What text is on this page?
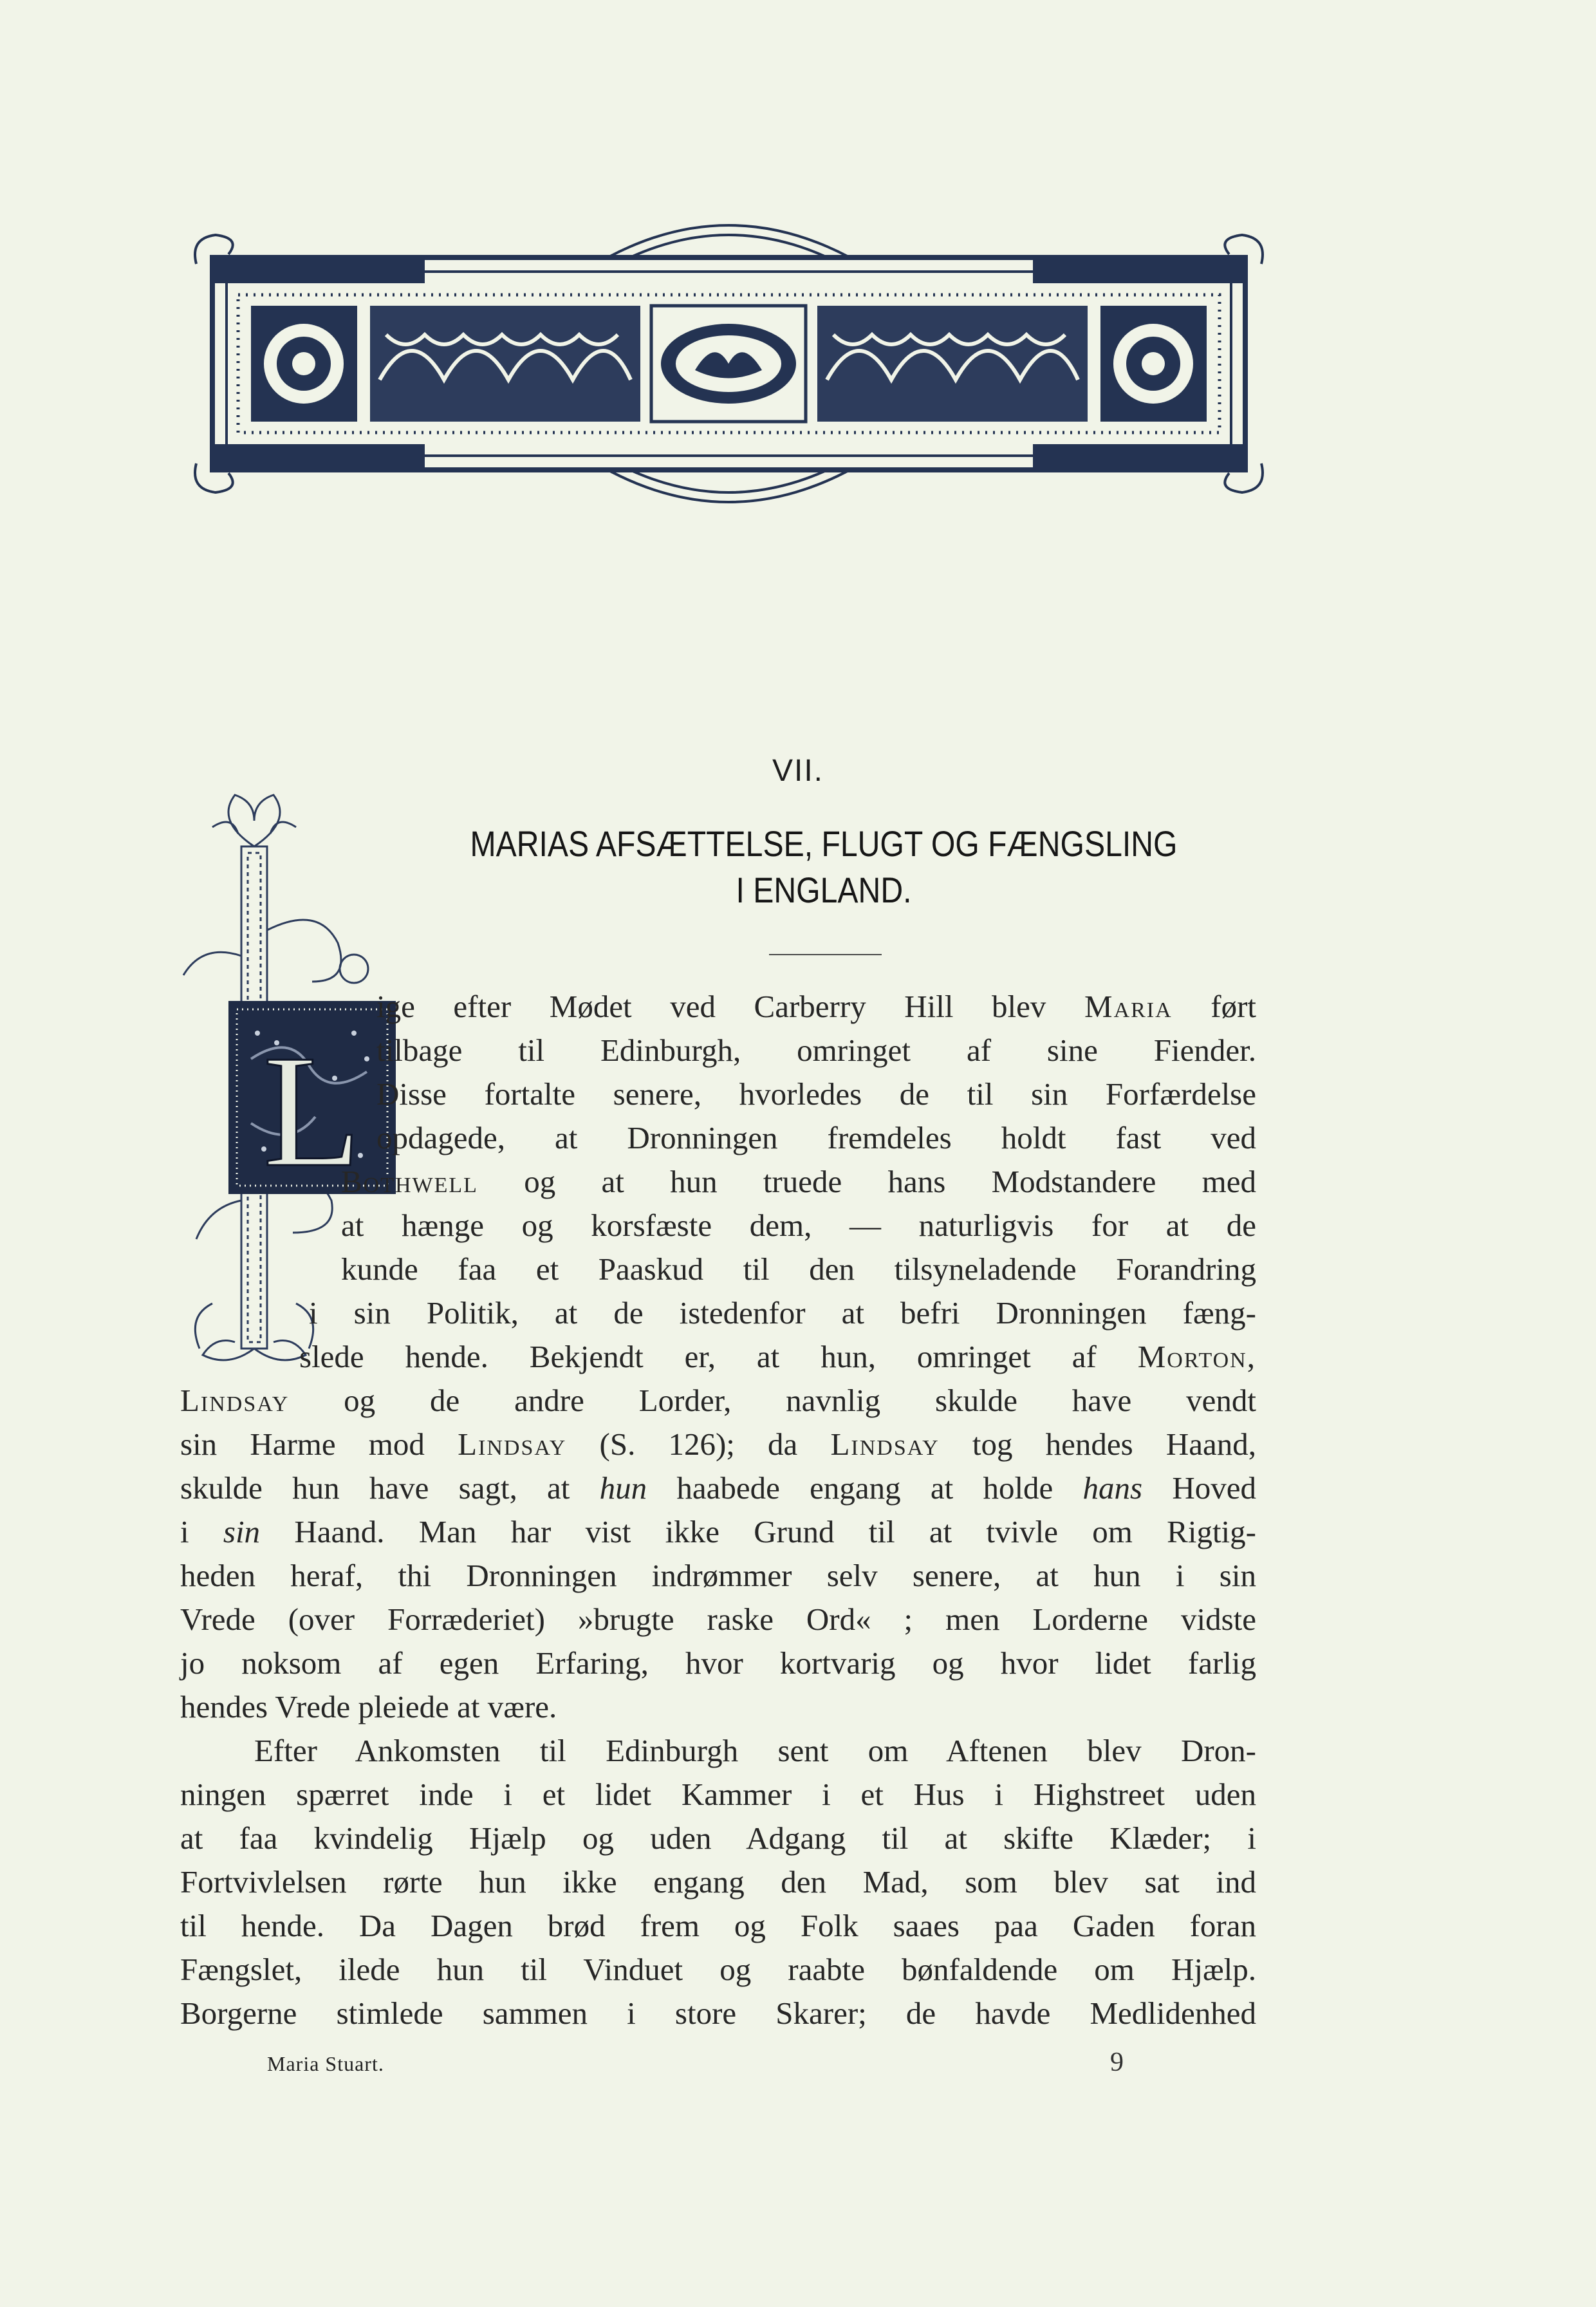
VII.
MARIAS AFSÆTTELSE, FLUGT OG FÆNGSLING
I ENGLAND.
L
ige efter Mødet ved Carberry Hill blev Maria ført
tilbage til Edinburgh, omringet af sine Fiender.
Disse fortalte senere, hvorledes de til sin Forfærdelse
opdagede, at Dronningen fremdeles holdt fast ved
Bothwell og at hun truede hans Modstandere med
at hænge og korsfæste dem, — naturligvis for at de
kunde faa et Paaskud til den tilsyneladende Forandring
i sin Politik, at de istedenfor at befri Dronningen fæng-
slede hende. Bekjendt er, at hun, omringet af Morton,
Lindsay og de andre Lorder, navnlig skulde have vendt
sin Harme mod Lindsay (S. 126); da Lindsay tog hendes Haand,
skulde hun have sagt, at hun haabede engang at holde hans Hoved
i sin Haand. Man har vist ikke Grund til at tvivle om Rigtig-
heden heraf, thi Dronningen indrømmer selv senere, at hun i sin
Vrede (over Forræderiet) »brugte raske Ord« ; men Lorderne vidste
jo noksom af egen Erfaring, hvor kortvarig og hvor lidet farlig
hendes Vrede pleiede at være.
Efter Ankomsten til Edinburgh sent om Aftenen blev Dron-
ningen spærret inde i et lidet Kammer i et Hus i Highstreet uden
at faa kvindelig Hjælp og uden Adgang til at skifte Klæder; i
Fortvivlelsen rørte hun ikke engang den Mad, som blev sat ind
til hende. Da Dagen brød frem og Folk saaes paa Gaden foran
Fængslet, ilede hun til Vinduet og raabte bønfaldende om Hjælp.
Borgerne stimlede sammen i store Skarer; de havde Medlidenhed
Maria Stuart.	9
